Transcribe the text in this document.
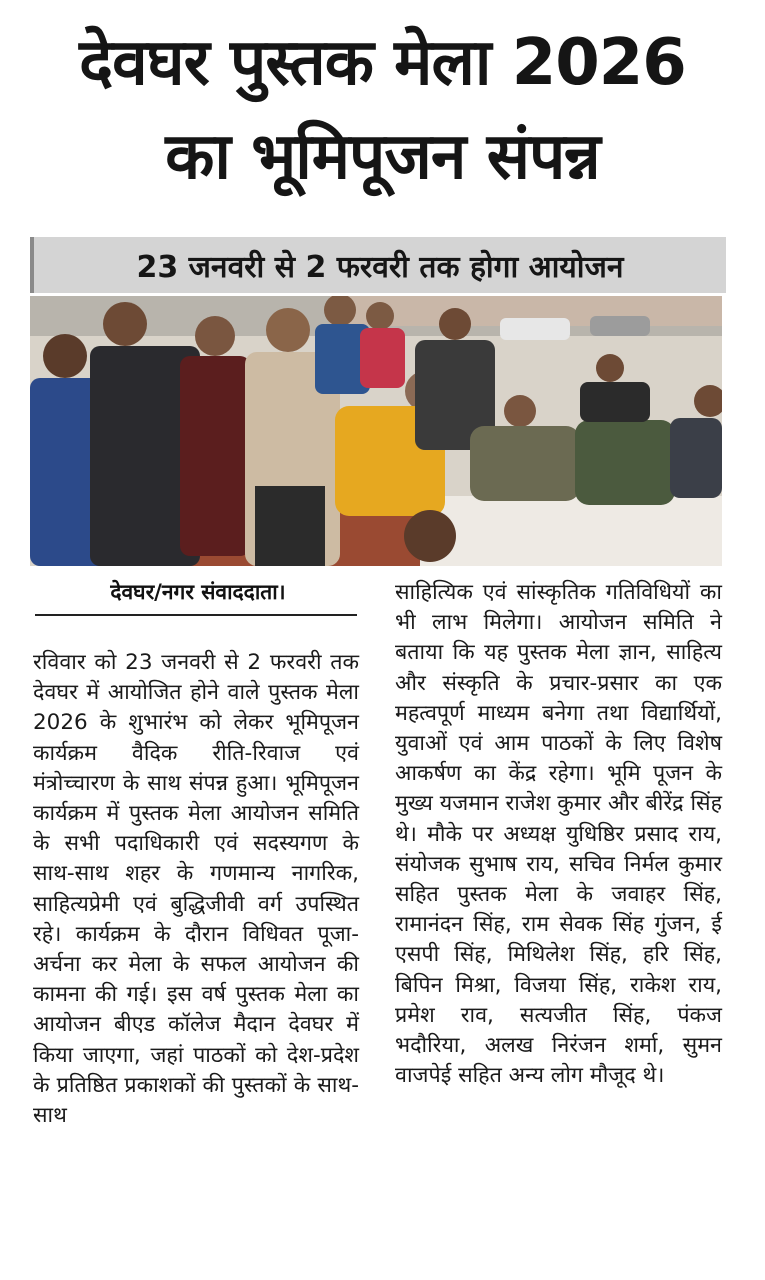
देवघर पुस्तक मेला 2026
का भूमिपूजन संपन्न
23 जनवरी से 2 फरवरी तक होगा आयोजन
देवघर/नगर संवाददाता।

रविवार को 23 जनवरी से 2 फरवरी तक देवघर में आयोजित होने वाले पुस्तक मेला 2026 के शुभारंभ को लेकर भूमिपूजन कार्यक्रम वैदिक रीति-रिवाज एवं मंत्रोच्चारण के साथ संपन्न हुआ। भूमिपूजन कार्यक्रम में पुस्तक मेला आयोजन समिति के सभी पदाधिकारी एवं सदस्यगण के साथ-साथ शहर के गणमान्य नागरिक, साहित्यप्रेमी एवं बुद्धिजीवी वर्ग उपस्थित रहे। कार्यक्रम के दौरान विधिवत पूजा-अर्चना कर मेला के सफल आयोजन की कामना की गई। इस वर्ष पुस्तक मेला का आयोजन बीएड कॉलेज मैदान देवघर में किया जाएगा, जहां पाठकों को देश-प्रदेश के प्रतिष्ठित प्रकाशकों की पुस्तकों के साथ-साथ

साहित्यिक एवं सांस्कृतिक गतिविधियों का भी लाभ मिलेगा। आयोजन समिति ने बताया कि यह पुस्तक मेला ज्ञान, साहित्य और संस्कृति के प्रचार-प्रसार का एक महत्वपूर्ण माध्यम बनेगा तथा विद्यार्थियों, युवाओं एवं आम पाठकों के लिए विशेष आकर्षण का केंद्र रहेगा। भूमि पूजन के मुख्य यजमान राजेश कुमार और बीरेंद्र सिंह थे। मौके पर अध्यक्ष युधिष्ठिर प्रसाद राय, संयोजक सुभाष राय, सचिव निर्मल कुमार सहित पुस्तक मेला के जवाहर सिंह, रामानंदन सिंह, राम सेवक सिंह गुंजन, ई एसपी सिंह, मिथिलेश सिंह, हरि सिंह, बिपिन मिश्रा, विजया सिंह, राकेश राय, प्रमेश राव, सत्यजीत सिंह, पंकज भदौरिया, अलख निरंजन शर्मा, सुमन वाजपेई सहित अन्य लोग मौजूद थे।
